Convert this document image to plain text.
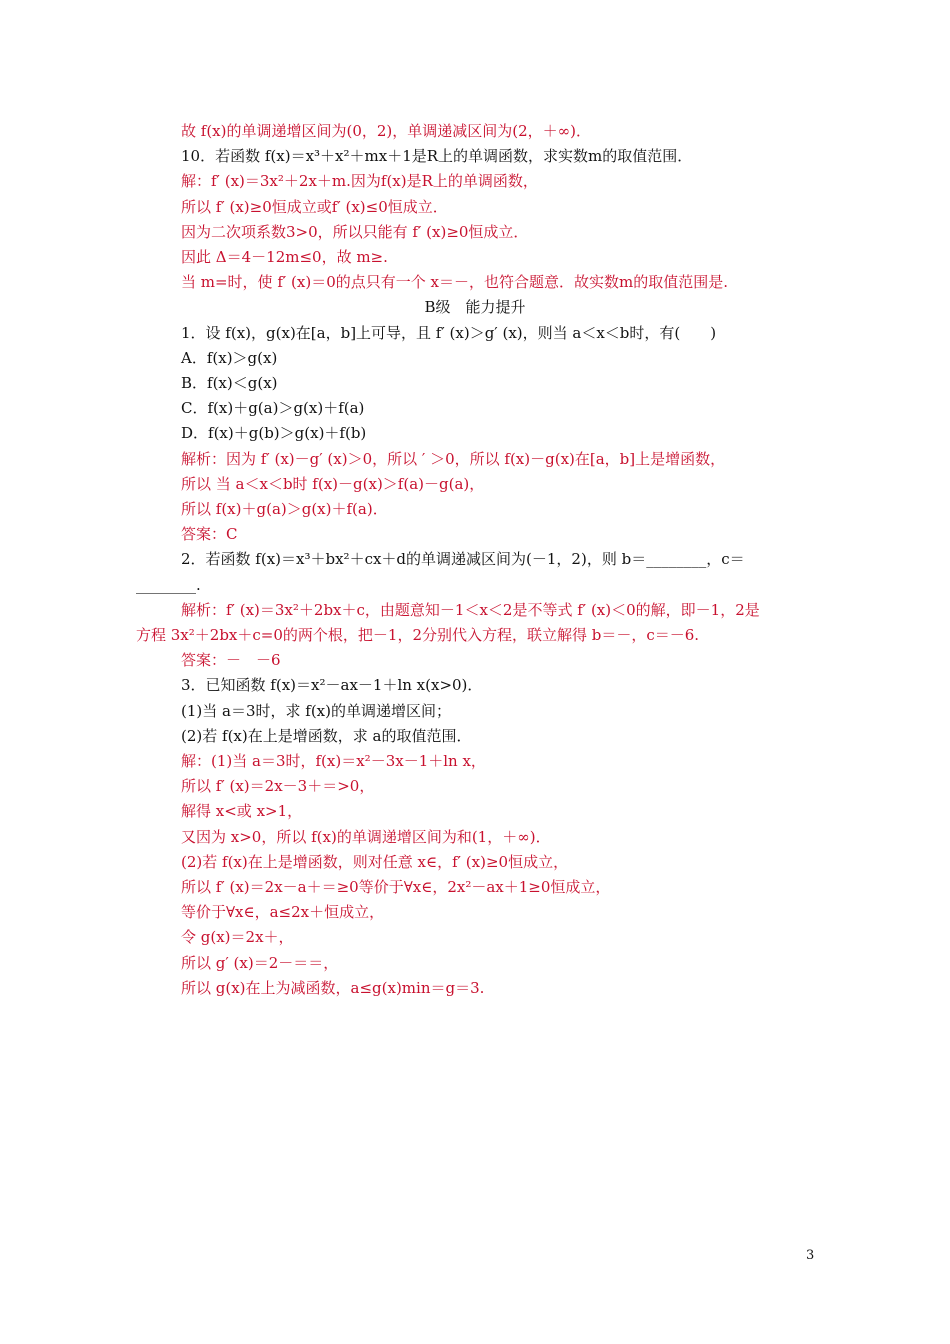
故 f(x)的单调递增区间为(0，2)，单调递减区间为(2，＋∞)．
10．若函数 f(x)＝x³＋x²＋mx＋1是R上的单调函数，求实数m的取值范围．
解：f′ (x)＝3x²＋2x＋m.因为f(x)是R上的单调函数，
所以 f′ (x)≥0恒成立或f′ (x)≤0恒成立．
因为二次项系数3>0，所以只能有 f′ (x)≥0恒成立．
因此 Δ＝4－12m≤0，故 m≥.
当 m=时，使 f′ (x)＝0的点只有一个 x＝－，也符合题意．故实数m的取值范围是.
B级　能力提升
1．设 f(x)，g(x)在[a，b]上可导，且 f′ (x)＞g′ (x)，则当 a＜x＜b时，有(　　)
A．f(x)＞g(x)
B．f(x)＜g(x)
C．f(x)＋g(a)＞g(x)＋f(a)
D．f(x)＋g(b)＞g(x)＋f(b)
解析：因为 f′ (x)－g′ (x)＞0，所以 ′ ＞0，所以 f(x)－g(x)在[a，b]上是增函数，
所以 当 a＜x＜b时 f(x)－g(x)＞f(a)－g(a)，
所以 f(x)＋g(a)＞g(x)＋f(a)．
答案：C
2．若函数 f(x)＝x³＋bx²＋cx＋d的单调递减区间为(－1，2)，则 b＝________，c＝
________.
解析：f′ (x)＝3x²＋2bx＋c，由题意知－1＜x＜2是不等式 f′ (x)＜0的解，即－1，2是
方程 3x²＋2bx＋c=0的两个根，把－1，2分别代入方程，联立解得 b＝－，c＝－6.
答案：－　－6
3．已知函数 f(x)＝x²－ax－1＋ln x(x>0)．
(1)当 a＝3时，求 f(x)的单调递增区间；
(2)若 f(x)在上是增函数，求 a的取值范围．
解：(1)当 a＝3时，f(x)＝x²－3x－1＋ln x，
所以 f′ (x)＝2x－3＋＝>0，
解得 x<或 x>1，
又因为 x>0，所以 f(x)的单调递增区间为和(1，＋∞)．
(2)若 f(x)在上是增函数，则对任意 x∈，f′ (x)≥0恒成立，
所以 f′ (x)＝2x－a＋＝≥0等价于∀x∈，2x²－ax＋1≥0恒成立，
等价于∀x∈，a≤2x＋恒成立，
令 g(x)＝2x＋，
所以 g′ (x)＝2－＝＝，
所以 g(x)在上为减函数，a≤g(x)min＝g＝3.
3
